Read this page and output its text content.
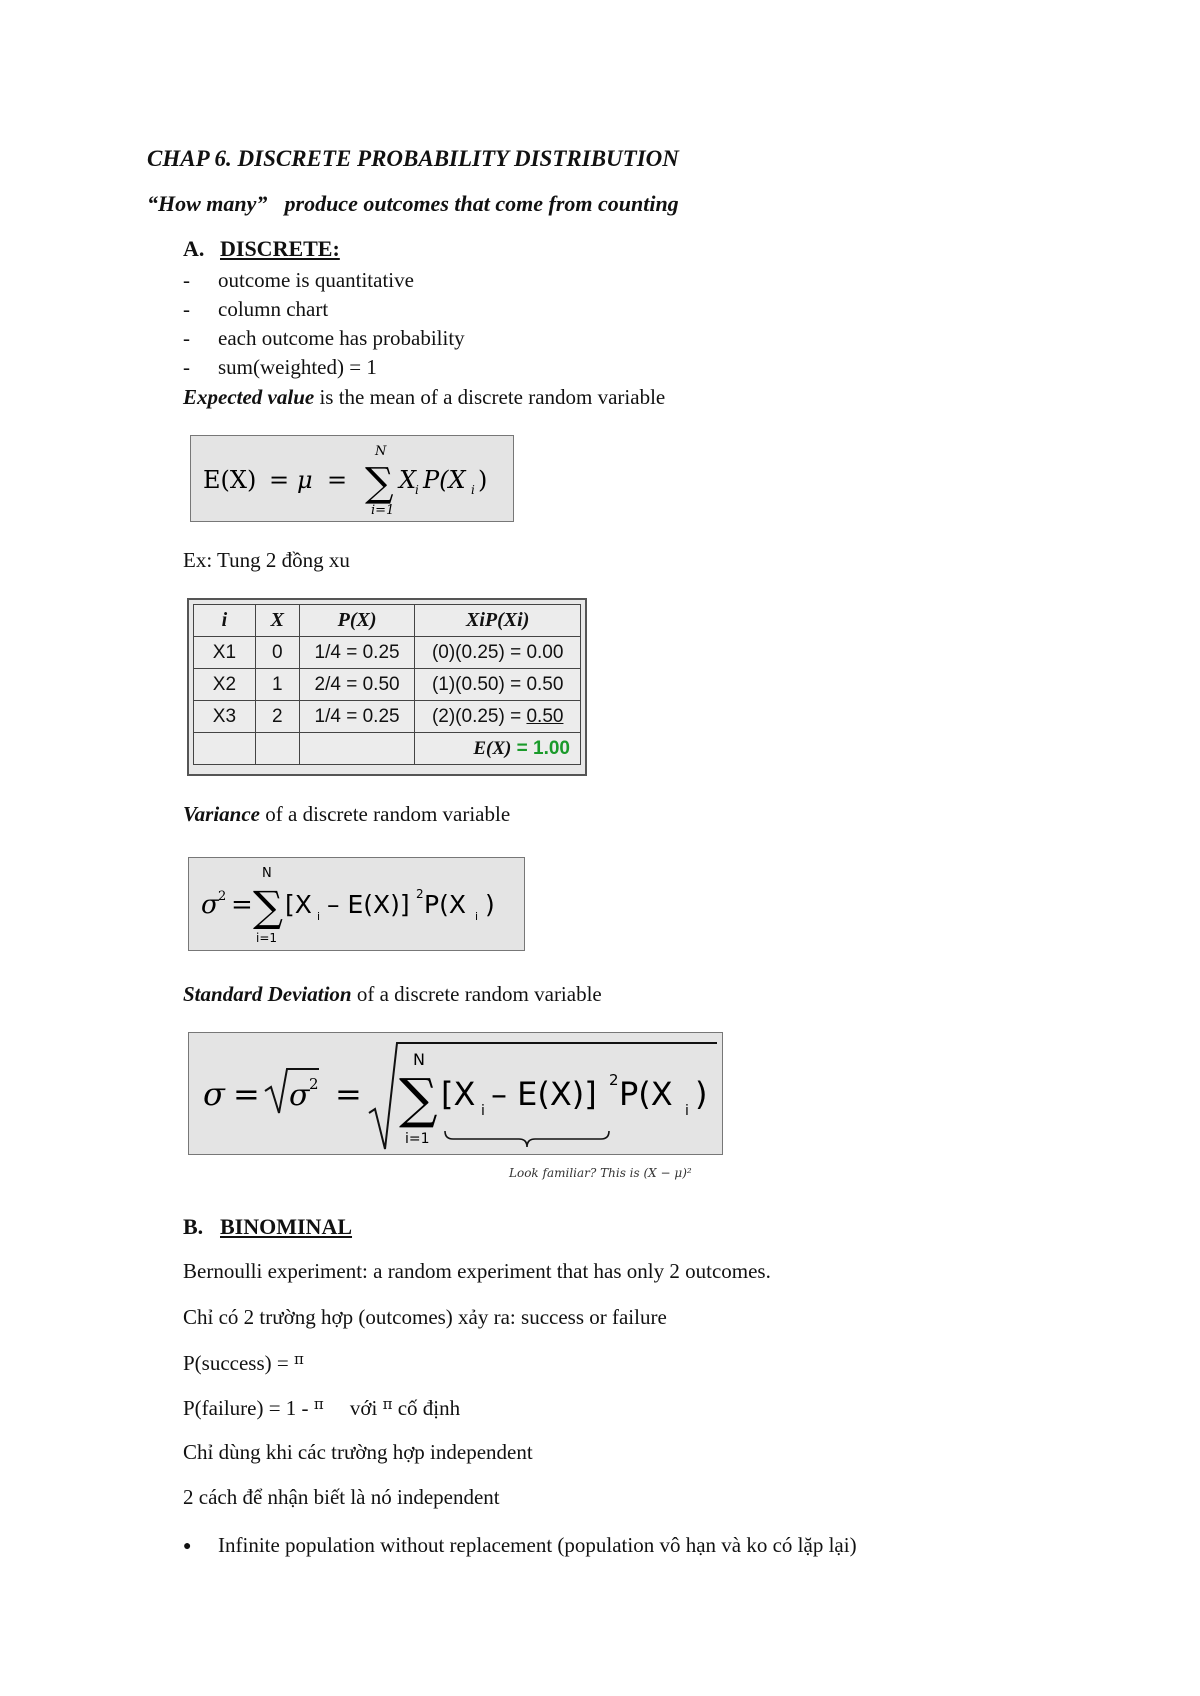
CHAP 6. DISCRETE PROBABILITY DISTRIBUTION
“How many” produce outcomes that come from counting
A. DISCRETE:
- outcome is quantitative
- column chart
- each outcome has probability
- sum(weighted) = 1
Expected value is the mean of a discrete random variable
E(X) = μ =
N
∑
i=1
X
i P(X i )
Ex: Tung 2 đồng xu
i	X	P(X)	XiP(Xi)
X1	0	1/4 = 0.25	(0)(0.25) = 0.00
X2	1	2/4 = 0.50	(1)(0.50) = 0.50
X3	2	1/4 = 0.25	(2)(0.25) = 0.50
			E(X) = 1.00
Variance of a discrete random variable
σ 2 =
N
∑
i=1
[X i – E(X)] 2 P(X i )
Standard Deviation of a discrete random variable
σ = σ 2 =
N
∑
i=1
[X i – E(X)] 2 P(X i )
Look familiar? This is (X − μ)²
B. BINOMINAL
Bernoulli experiment: a random experiment that has only 2 outcomes.
Chỉ có 2 trường hợp (outcomes) xảy ra: success or failure
P(success) = $^\pi$
P(failure) = 1 - $^\pi$     với $^\pi$ cố định
Chỉ dùng khi các trường hợp independent
2 cách để nhận biết là nó independent
● Infinite population without replacement (population vô hạn và ko có lặp lại)
